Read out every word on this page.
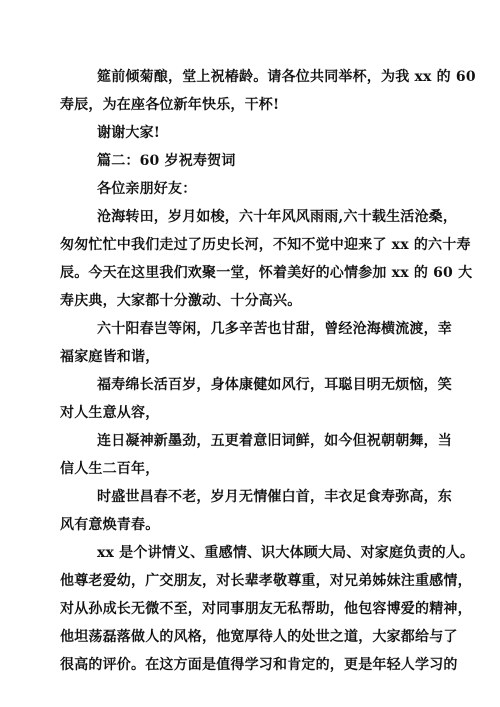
筵前倾菊酿，堂上祝椿龄。请各位共同举杯，为我 xx 的 60
寿辰，为在座各位新年快乐，干杯!
谢谢大家!
篇二：60 岁祝寿贺词
各位亲朋好友：
沧海转田，岁月如梭，六十年风风雨雨,六十载生活沧桑，
匆匆忙忙中我们走过了历史长河，不知不觉中迎来了 xx 的六十寿
辰。今天在这里我们欢聚一堂，怀着美好的心情参加 xx 的 60 大
寿庆典，大家都十分激动、十分高兴。
六十阳春岂等闲，几多辛苦也甘甜，曾经沧海横流渡，幸
福家庭皆和谐，
福寿绵长活百岁，身体康健如风行，耳聪目明无烦恼，笑
对人生意从容，
连日凝神新墨劲，五更着意旧词鲜，如今但祝朝朝舞，当
信人生二百年，
时盛世昌春不老，岁月无情催白首，丰衣足食寿弥高，东
风有意焕青春。
xx 是个讲情义、重感情、识大体顾大局、对家庭负责的人。
他尊老爱幼，广交朋友，对长辈孝敬尊重，对兄弟姊妹注重感情，
对从孙成长无微不至，对同事朋友无私帮助，他包容博爱的精神，
他坦荡磊落做人的风格，他宽厚待人的处世之道，大家都给与了
很高的评价。在这方面是值得学习和肯定的，更是年轻人学习的
